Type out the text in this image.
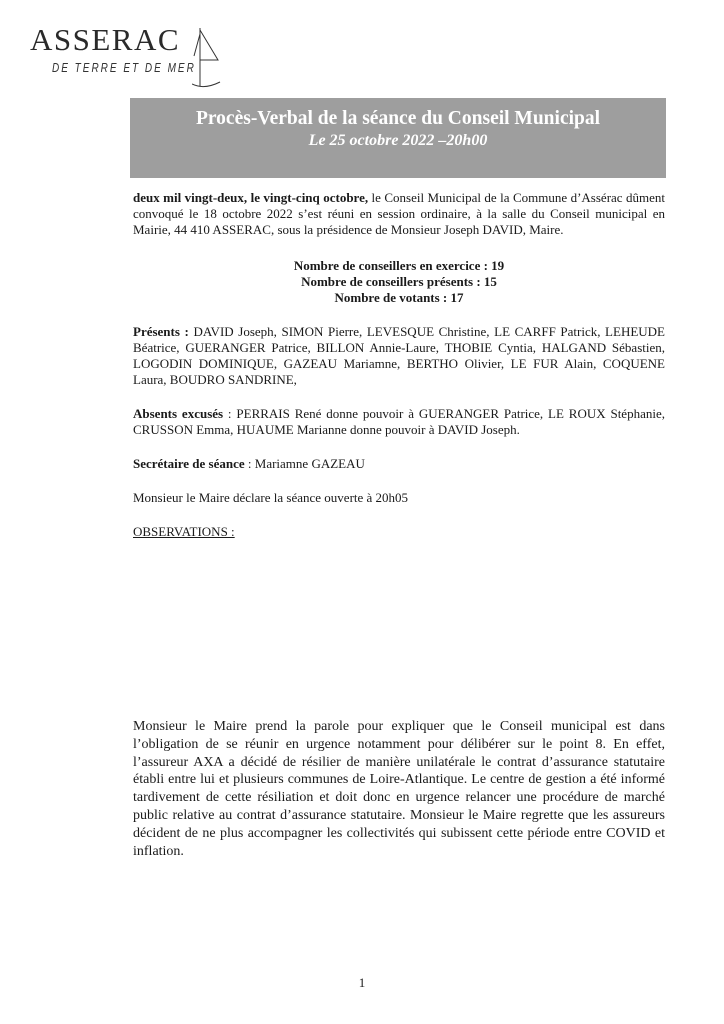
ASSERAC
DE TERRE ET DE MER
Procès-Verbal de la séance du Conseil Municipal
Le 25 octobre 2022 –20h00

deux mil vingt-deux, le vingt-cinq octobre, le Conseil Municipal de la Commune d’Assérac dûment convoqué le 18 octobre 2022 s’est réuni en session ordinaire, à la salle du Conseil municipal en Mairie, 44 410 ASSERAC, sous la présidence de Monsieur Joseph DAVID, Maire.

Nombre de conseillers en exercice : 19
Nombre de conseillers présents : 15
Nombre de votants : 17

Présents : DAVID Joseph, SIMON Pierre, LEVESQUE Christine, LE CARFF Patrick, LEHEUDE Béatrice, GUERANGER Patrice, BILLON Annie-Laure, THOBIE Cyntia, HALGAND Sébastien, LOGODIN DOMINIQUE, GAZEAU Mariamne, BERTHO Olivier, LE FUR Alain, COQUENE Laura, BOUDRO SANDRINE,

Absents excusés : PERRAIS René donne pouvoir à GUERANGER Patrice, LE ROUX Stéphanie, CRUSSON Emma, HUAUME Marianne donne pouvoir à DAVID Joseph.

Secrétaire de séance : Mariamne GAZEAU

Monsieur le Maire déclare la séance ouverte à 20h05

OBSERVATIONS :

Monsieur le Maire prend la parole pour expliquer que le Conseil municipal est dans l’obligation de se réunir en urgence notamment pour délibérer sur le point 8. En effet, l’assureur AXA a décidé de résilier de manière unilatérale le contrat d’assurance statutaire établi entre lui et plusieurs communes de Loire-Atlantique. Le centre de gestion a été informé tardivement de cette résiliation et doit donc en urgence relancer une procédure de marché public relative au contrat d’assurance statutaire. Monsieur le Maire regrette que les assureurs décident de ne plus accompagner les collectivités qui subissent cette période entre COVID et inflation.

1
